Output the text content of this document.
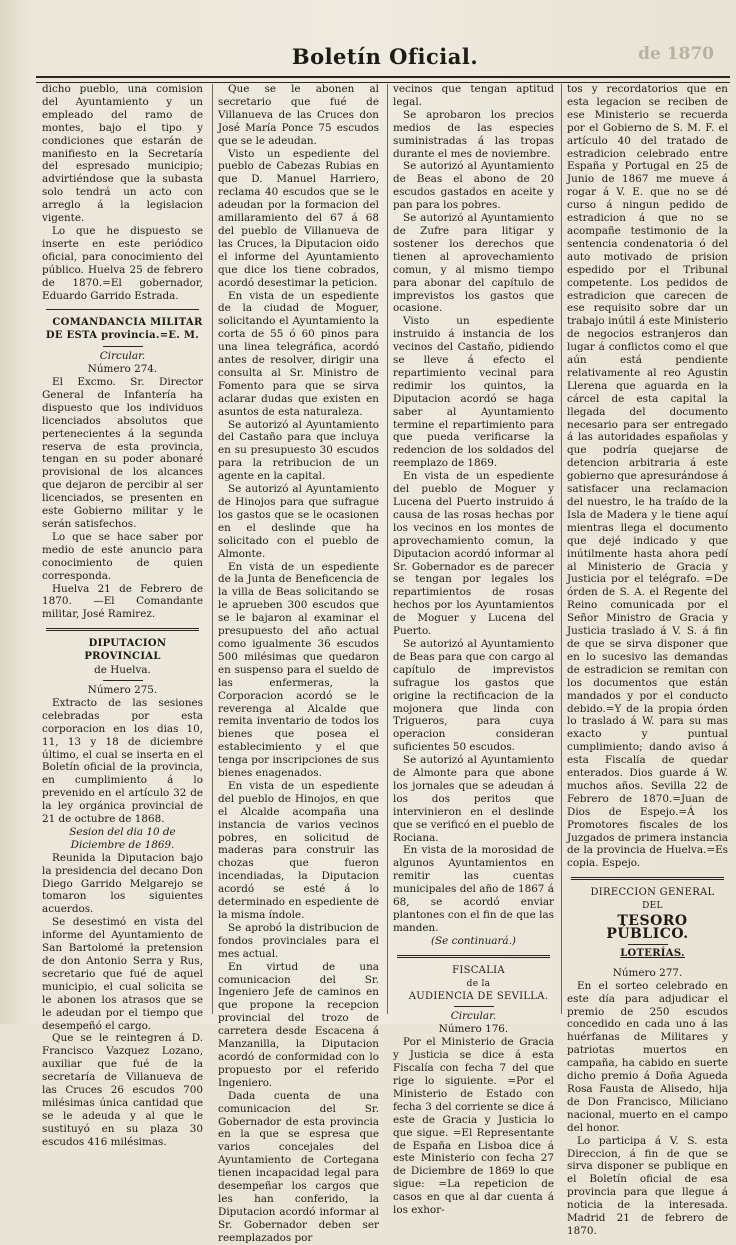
Boletín Oficial.	de 1870

dicho pueblo, una comision del Ayuntamiento y un empleado del ramo de montes, bajo el tipo y condiciones que estarán de manifiesto en la Secretaría del espresado municipio; advirtiéndose que la subasta solo tendrá un acto con arreglo á la legislacion vigente.

Lo que he dispuesto se inserte en este periódico oficial, para conocimiento del público. Huelva 25 de febrero de 1870.=El gobernador, Eduardo Garrido Estrada.

COMANDANCIA MILITAR DE ESTA provincia.=E. M.

Circular.

Número 274.

El Excmo. Sr. Director General de Infantería ha dispuesto que los individuos licenciados absolutos que pertenecientes á la segunda reserva de esta provincia, tengan en su poder abonaré provisional de los alcances que dejaron de percibir al ser licenciados, se presenten en este Gobierno militar y le serán satisfechos.

Lo que se hace saber por medio de este anuncio para conocimiento de quien corresponda.

Huelva 21 de Febrero de 1870. —El Comandante militar, José Ramirez.

DIPUTACION PROVINCIAL

de Huelva.

Número 275.

Extracto de las sesiones celebradas por esta corporacion en los dias 10, 11, 13 y 18 de diciembre último, el cual se inserta en el Boletín oficial de la provincia, en cumplimiento á lo prevenido en el artículo 32 de la ley orgánica provincial de 21 de octubre de 1868.

Sesion del dia 10 de Diciembre de 1869.

Reunida la Diputacion bajo la presidencia del decano Don Diego Garrido Melgarejo se tomaron los siguientes acuerdos.

Se desestimó en vista del informe del Ayuntamiento de San Bartolomé la pretension de don Antonio Serra y Rus, secretario que fué de aquel municipio, el cual solicita se le abonen los atrasos que se le adeudan por el tiempo que desempeñó el cargo.

Que se le reintegren á D. Francisco Vazquez Lozano, auxiliar que fué de la secretaría de Villanueva de las Cruces 26 escudos 700 milésimas única cantidad que se le adeuda y al que le sustituyó en su plaza 30 escudos 416 milésimas.

Que se le abonen al secretario que fué de Villanueva de las Cruces don José María Ponce 75 escudos que se le adeudan.

Visto un espediente del pueblo de Cabezas Rubias en que D. Manuel Harriero, reclama 40 escudos que se le adeudan por la formacion del amillaramiento del 67 á 68 del pueblo de Villanueva de las Cruces, la Diputacion oido el informe del Ayuntamiento que dice los tiene cobrados, acordó desestimar la peticion.

En vista de un espediente de la ciudad de Moguer, solicitando el Ayuntamiento la corta de 55 ó 60 pinos para una linea telegráfica, acordó antes de resolver, dirigir una consulta al Sr. Ministro de Fomento para que se sirva aclarar dudas que existen en asuntos de esta naturaleza.

Se autorizó al Ayuntamiento del Castaño para que incluya en su presupuesto 30 escudos para la retribucion de un agente en la capital.

Se autorizó al Ayuntamiento de Hinojos para que sufrague los gastos que se le ocasionen en el deslinde que ha solicitado con el pueblo de Almonte.

En vista de un espediente de la Junta de Beneficencia de la villa de Beas solicitando se le aprueben 300 escudos que se le bajaron al examinar el presupuesto del año actual como igualmente 36 escudos 500 milésimas que quedaron en suspenso para el sueldo de las enfermeras, la Corporacion acordó se le reverenga al Alcalde que remita inventario de todos los bienes que posea el establecimiento y el que tenga por inscripciones de sus bienes enagenados.

En vista de un espediente del pueblo de Hinojos, en que el Alcalde acompaña una instancia de varios vecinos pobres, en solicitud de maderas para construir las chozas que fueron incendiadas, la Diputacion acordó se esté á lo determinado en espediente de la misma índole.

Se aprobó la distribucion de fondos provinciales para el mes actual.

En virtud de una comunicacion del Sr. Ingeniero Jefe de caminos en que propone la recepcion provincial del trozo de carretera desde Escacena á Manzanilla, la Diputacion acordó de conformidad con lo propuesto por el referido Ingeniero.

Dada cuenta de una comunicacion del Sr. Gobernador de esta provincia en la que se espresa que varios concejales del Ayuntamiento de Cortegana tienen incapacidad legal para desempeñar los cargos que les han conferido, la Diputacion acordó informar al Sr. Gobernador deben ser reemplazados por

vecinos que tengan aptitud legal.

Se aprobaron los precios medios de las especies suministradas á las tropas durante el mes de noviembre.

Se autorizó al Ayuntamiento de Beas el abono de 20 escudos gastados en aceite y pan para los pobres.

Se autorizó al Ayuntamiento de Zufre para litigar y sostener los derechos que tienen al aprovechamiento comun, y al mismo tiempo para abonar del capítulo de imprevistos los gastos que ocasione.

Visto un espediente instruido á instancia de los vecinos del Castaño, pidiendo se lleve á efecto el repartimiento vecinal para redimir los quintos, la Diputacion acordó se haga saber al Ayuntamiento termine el repartimiento para que pueda verificarse la redencion de los soldados del reemplazo de 1869.

En vista de un espediente del pueblo de Moguer y Lucena del Puerto instruido á causa de las rosas hechas por los vecinos en los montes de aprovechamiento comun, la Diputacion acordó informar al Sr. Gobernador es de parecer se tengan por legales los repartimientos de rosas hechos por los Ayuntamientos de Moguer y Lucena del Puerto.

Se autorizó al Ayuntamiento de Beas para que con cargo al capítulo de imprevistos sufrague los gastos que origine la rectificacion de la mojonera que linda con Trigueros, para cuya operacion consideran suficientes 50 escudos.

Se autorizó al Ayuntamiento de Almonte para que abone los jornales que se adeudan á los dos peritos que intervinieron en el deslinde que se verificó en el pueblo de Rociana.

En vista de la morosidad de algunos Ayuntamientos en remitir las cuentas municipales del año de 1867 á 68, se acordó enviar plantones con el fin de que las manden.

(Se continuará.)

FISCALIA

de la

AUDIENCIA DE SEVILLA.

Circular.

Número 176.

Por el Ministerio de Gracia y Justicia se dice á esta Fiscalía con fecha 7 del que rige lo siguiente. =Por el Ministerio de Estado con fecha 3 del corriente se dice á este de Gracia y Justicia lo que sigue. =El Representante de España en Lisboa dice á este Ministerio con fecha 27 de Diciembre de 1869 lo que sigue: =La repeticion de casos en que al dar cuenta á los exhor-

tos y recordatorios que en esta legacion se reciben de ese Ministerio se recuerda por el Gobierno de S. M. F. el artículo 40 del tratado de estradicion celebrado entre España y Portugal en 25 de Junio de 1867 me mueve á rogar á V. E. que no se dé curso á ningun pedido de estradicion á que no se acompañe testimonio de la sentencia condenatoria ó del auto motivado de prision espedido por el Tribunal competente. Los pedidos de estradicion que carecen de ese requisito sobre dar un trabajo inútil á este Ministerio de negocios estranjeros dan lugar á conflictos como el que aún está pendiente relativamente al reo Agustin Llerena que aguarda en la cárcel de esta capital la llegada del documento necesario para ser entregado á las autoridades españolas y que podría quejarse de detencion arbitraria á este gobierno que apresurándose á satisfacer una reclamacion del nuestro, le ha traído de la Isla de Madera y le tiene aquí mientras llega el documento que dejé indicado y que inútilmente hasta ahora pedí al Ministerio de Gracia y Justicia por el telégrafo. =De órden de S. A. el Regente del Reino comunicada por el Señor Ministro de Gracia y Justicia traslado á V. S. á fin de que se sirva disponer que en lo sucesivo las demandas de estradicion se remitan con los documentos que están mandados y por el conducto debido.=Y de la propia órden lo traslado á W. para su mas exacto y puntual cumplimiento; dando aviso á esta Fiscalía de quedar enterados. Dios guarde á W. muchos años. Sevilla 22 de Febrero de 1870.=Juan de Dios de Espejo.=Á los Promotores fiscales de los Juzgados de primera instancia de la provincia de Huelva.=Es copia. Espejo.

DIRECCION GENERAL

DEL

TESORO PÚBLICO.

LOTERÍAS.

Número 277.

En el sorteo celebrado en este día para adjudicar el premio de 250 escudos concedido en cada uno á las huérfanas de Militares y patriotas muertos en campaña, ha cabido en suerte dicho premio á Doña Agueda Rosa Fausta de Alisedo, hija de Don Francisco, Miliciano nacional, muerto en el campo del honor.

Lo participa á V. S. esta Direccion, á fin de que se sirva disponer se publique en el Boletín oficial de esa provincia para que llegue á noticia de la interesada. Madrid 21 de febrero de 1870.
